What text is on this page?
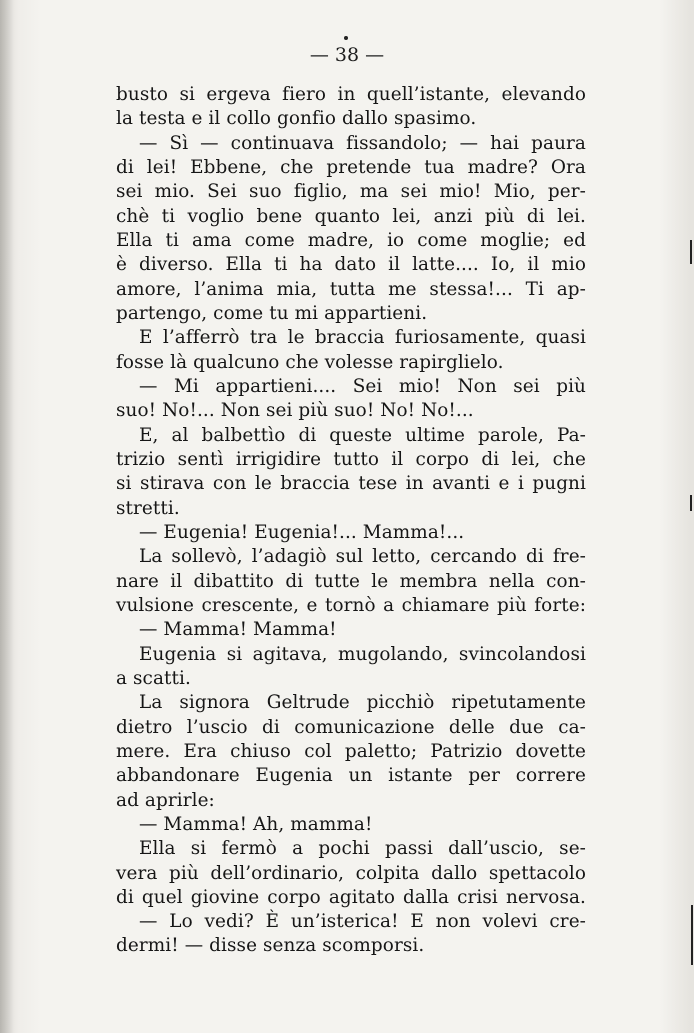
— 38 —
busto si ergeva fiero in quell’istante, elevando
la testa e il collo gonfio dallo spasimo.
— Sì — continuava fissandolo; — hai paura
di lei! Ebbene, che pretende tua madre? Ora
sei mio. Sei suo figlio, ma sei mio! Mio, per-
chè ti voglio bene quanto lei, anzi più di lei.
Ella ti ama come madre, io come moglie; ed
è diverso. Ella ti ha dato il latte.... Io, il mio
amore, l’anima mia, tutta me stessa!... Ti ap-
partengo, come tu mi appartieni.
E l’afferrò tra le braccia furiosamente, quasi
fosse là qualcuno che volesse rapirglielo.
— Mi appartieni.... Sei mio! Non sei più
suo! No!... Non sei più suo! No! No!...
E, al balbettìo di queste ultime parole, Pa-
trizio sentì irrigidire tutto il corpo di lei, che
si stirava con le braccia tese in avanti e i pugni
stretti.
— Eugenia! Eugenia!... Mamma!...
La sollevò, l’adagiò sul letto, cercando di fre-
nare il dibattito di tutte le membra nella con-
vulsione crescente, e tornò a chiamare più forte:
— Mamma! Mamma!
Eugenia si agitava, mugolando, svincolandosi
a scatti.
La signora Geltrude picchiò ripetutamente
dietro l’uscio di comunicazione delle due ca-
mere. Era chiuso col paletto; Patrizio dovette
abbandonare Eugenia un istante per correre
ad aprirle:
— Mamma! Ah, mamma!
Ella si fermò a pochi passi dall’uscio, se-
vera più dell’ordinario, colpita dallo spettacolo
di quel giovine corpo agitato dalla crisi nervosa.
— Lo vedi? È un’isterica! E non volevi cre-
dermi! — disse senza scomporsi.
